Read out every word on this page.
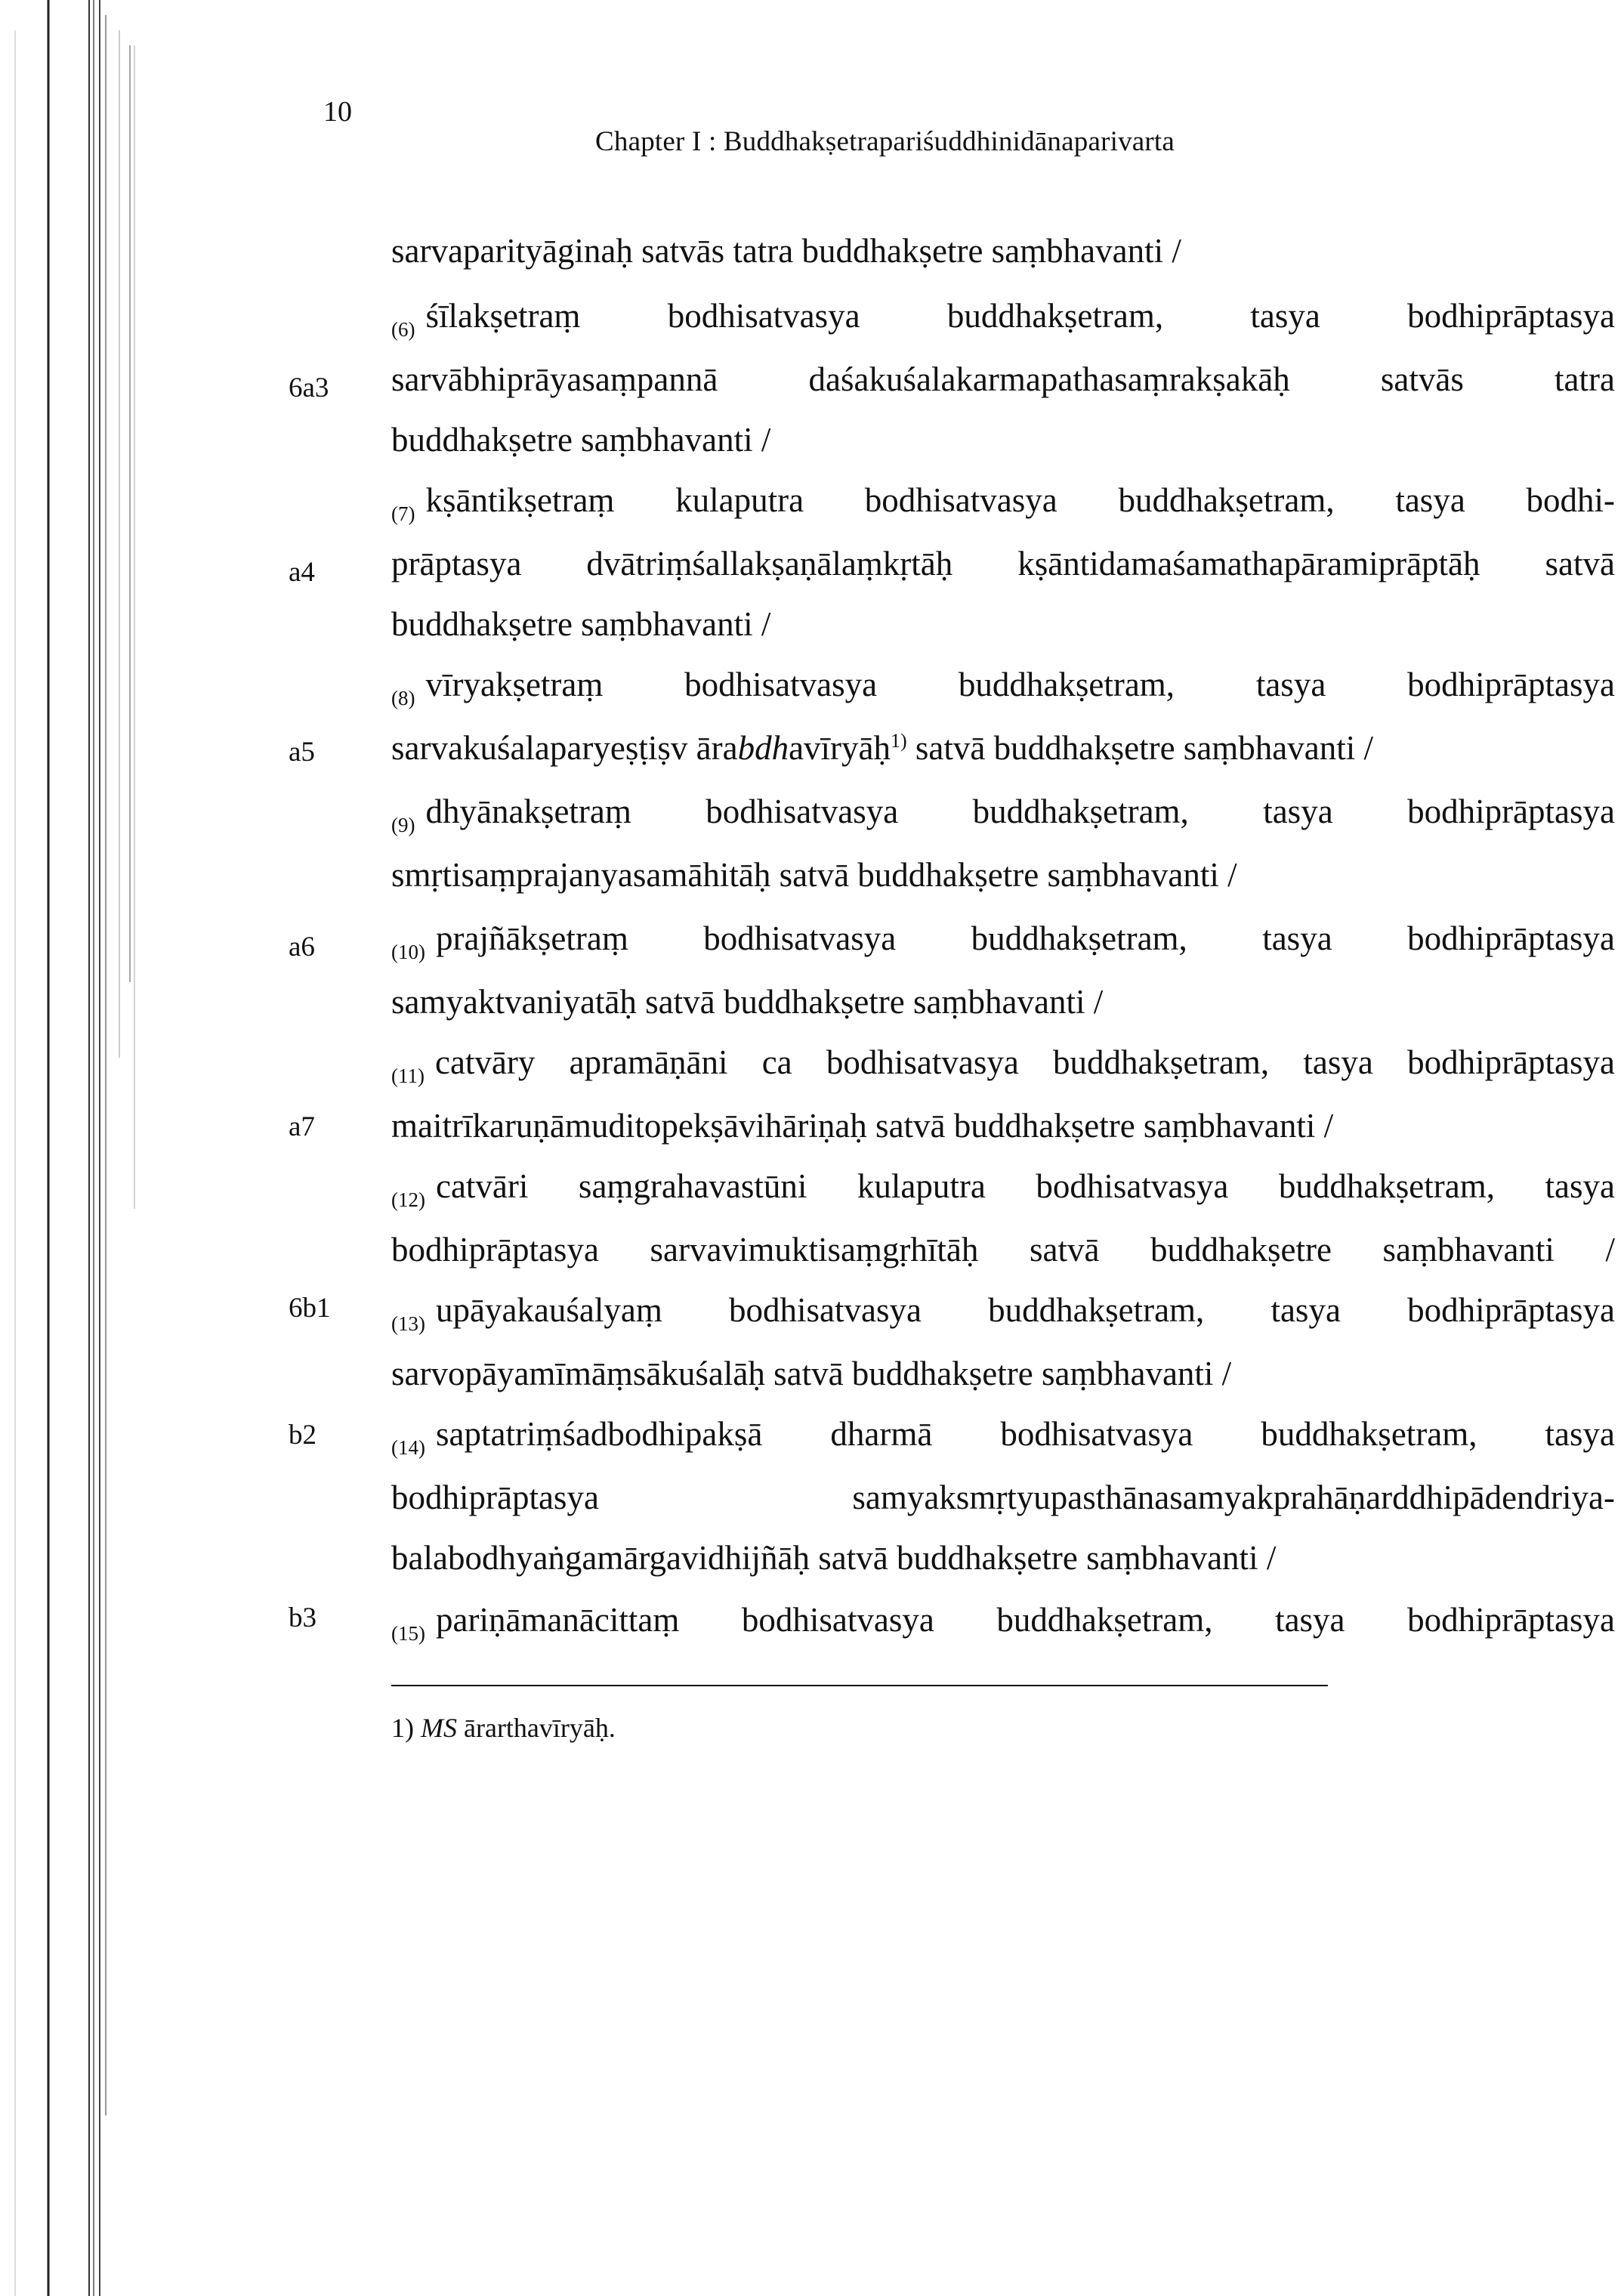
10
Chapter I : Buddhakṣetrapariśuddhinidānaparivarta
6a3
a4
a5
a6
a7
6b1
b2
b3
sarvaparityāginaḥ satvās tatra buddhakṣetre saṃbhavanti /
$_{(6)}$ śīlakṣetraṃ bodhisatvasya buddhakṣetram, tasya bodhiprāptasya
sarvābhiprāyasaṃpannā daśakuśalakarmapathasaṃrakṣakāḥ satvās tatra
buddhakṣetre saṃbhavanti /
$_{(7)}$ kṣāntikṣetraṃ kulaputra bodhisatvasya buddhakṣetram, tasya bodhi-
prāptasya dvātriṃśallakṣaṇālaṃkṛtāḥ kṣāntidamaśamathapāramiprāptāḥ satvā
buddhakṣetre saṃbhavanti /
$_{(8)}$ vīryakṣetraṃ bodhisatvasya buddhakṣetram, tasya bodhiprāptasya
sarvakuśalaparyeṣṭiṣv ārabdhavīryāḥ$^{1)}$ satvā buddhakṣetre saṃbhavanti /
$_{(9)}$ dhyānakṣetraṃ bodhisatvasya buddhakṣetram, tasya bodhiprāptasya
smṛtisaṃprajanyasamāhitāḥ satvā buddhakṣetre saṃbhavanti /
$_{(10)}$ prajñākṣetraṃ bodhisatvasya buddhakṣetram, tasya bodhiprāptasya
samyaktvaniyatāḥ satvā buddhakṣetre saṃbhavanti /
$_{(11)}$ catvāry apramāṇāni ca bodhisatvasya buddhakṣetram, tasya bodhiprāptasya
maitrīkaruṇāmuditopekṣāvihāriṇaḥ satvā buddhakṣetre saṃbhavanti /
$_{(12)}$ catvāri saṃgrahavastūni kulaputra bodhisatvasya buddhakṣetram, tasya
bodhiprāptasya sarvavimuktisaṃgṛhītāḥ satvā buddhakṣetre saṃbhavanti /
$_{(13)}$ upāyakauśalyaṃ bodhisatvasya buddhakṣetram, tasya bodhiprāptasya
sarvopāyamīmāṃsākuśalāḥ satvā buddhakṣetre saṃbhavanti /
$_{(14)}$ saptatriṃśadbodhipakṣā dharmā bodhisatvasya buddhakṣetram, tasya
bodhiprāptasya samyaksmṛtyupasthānasamyakprahāṇarddhipādendriya-
balabodhyaṅgamārgavidhijñāḥ satvā buddhakṣetre saṃbhavanti /
$_{(15)}$ pariṇāmanācittaṃ bodhisatvasya buddhakṣetram, tasya bodhiprāptasya
1) MS ārarthavīryāḥ.
